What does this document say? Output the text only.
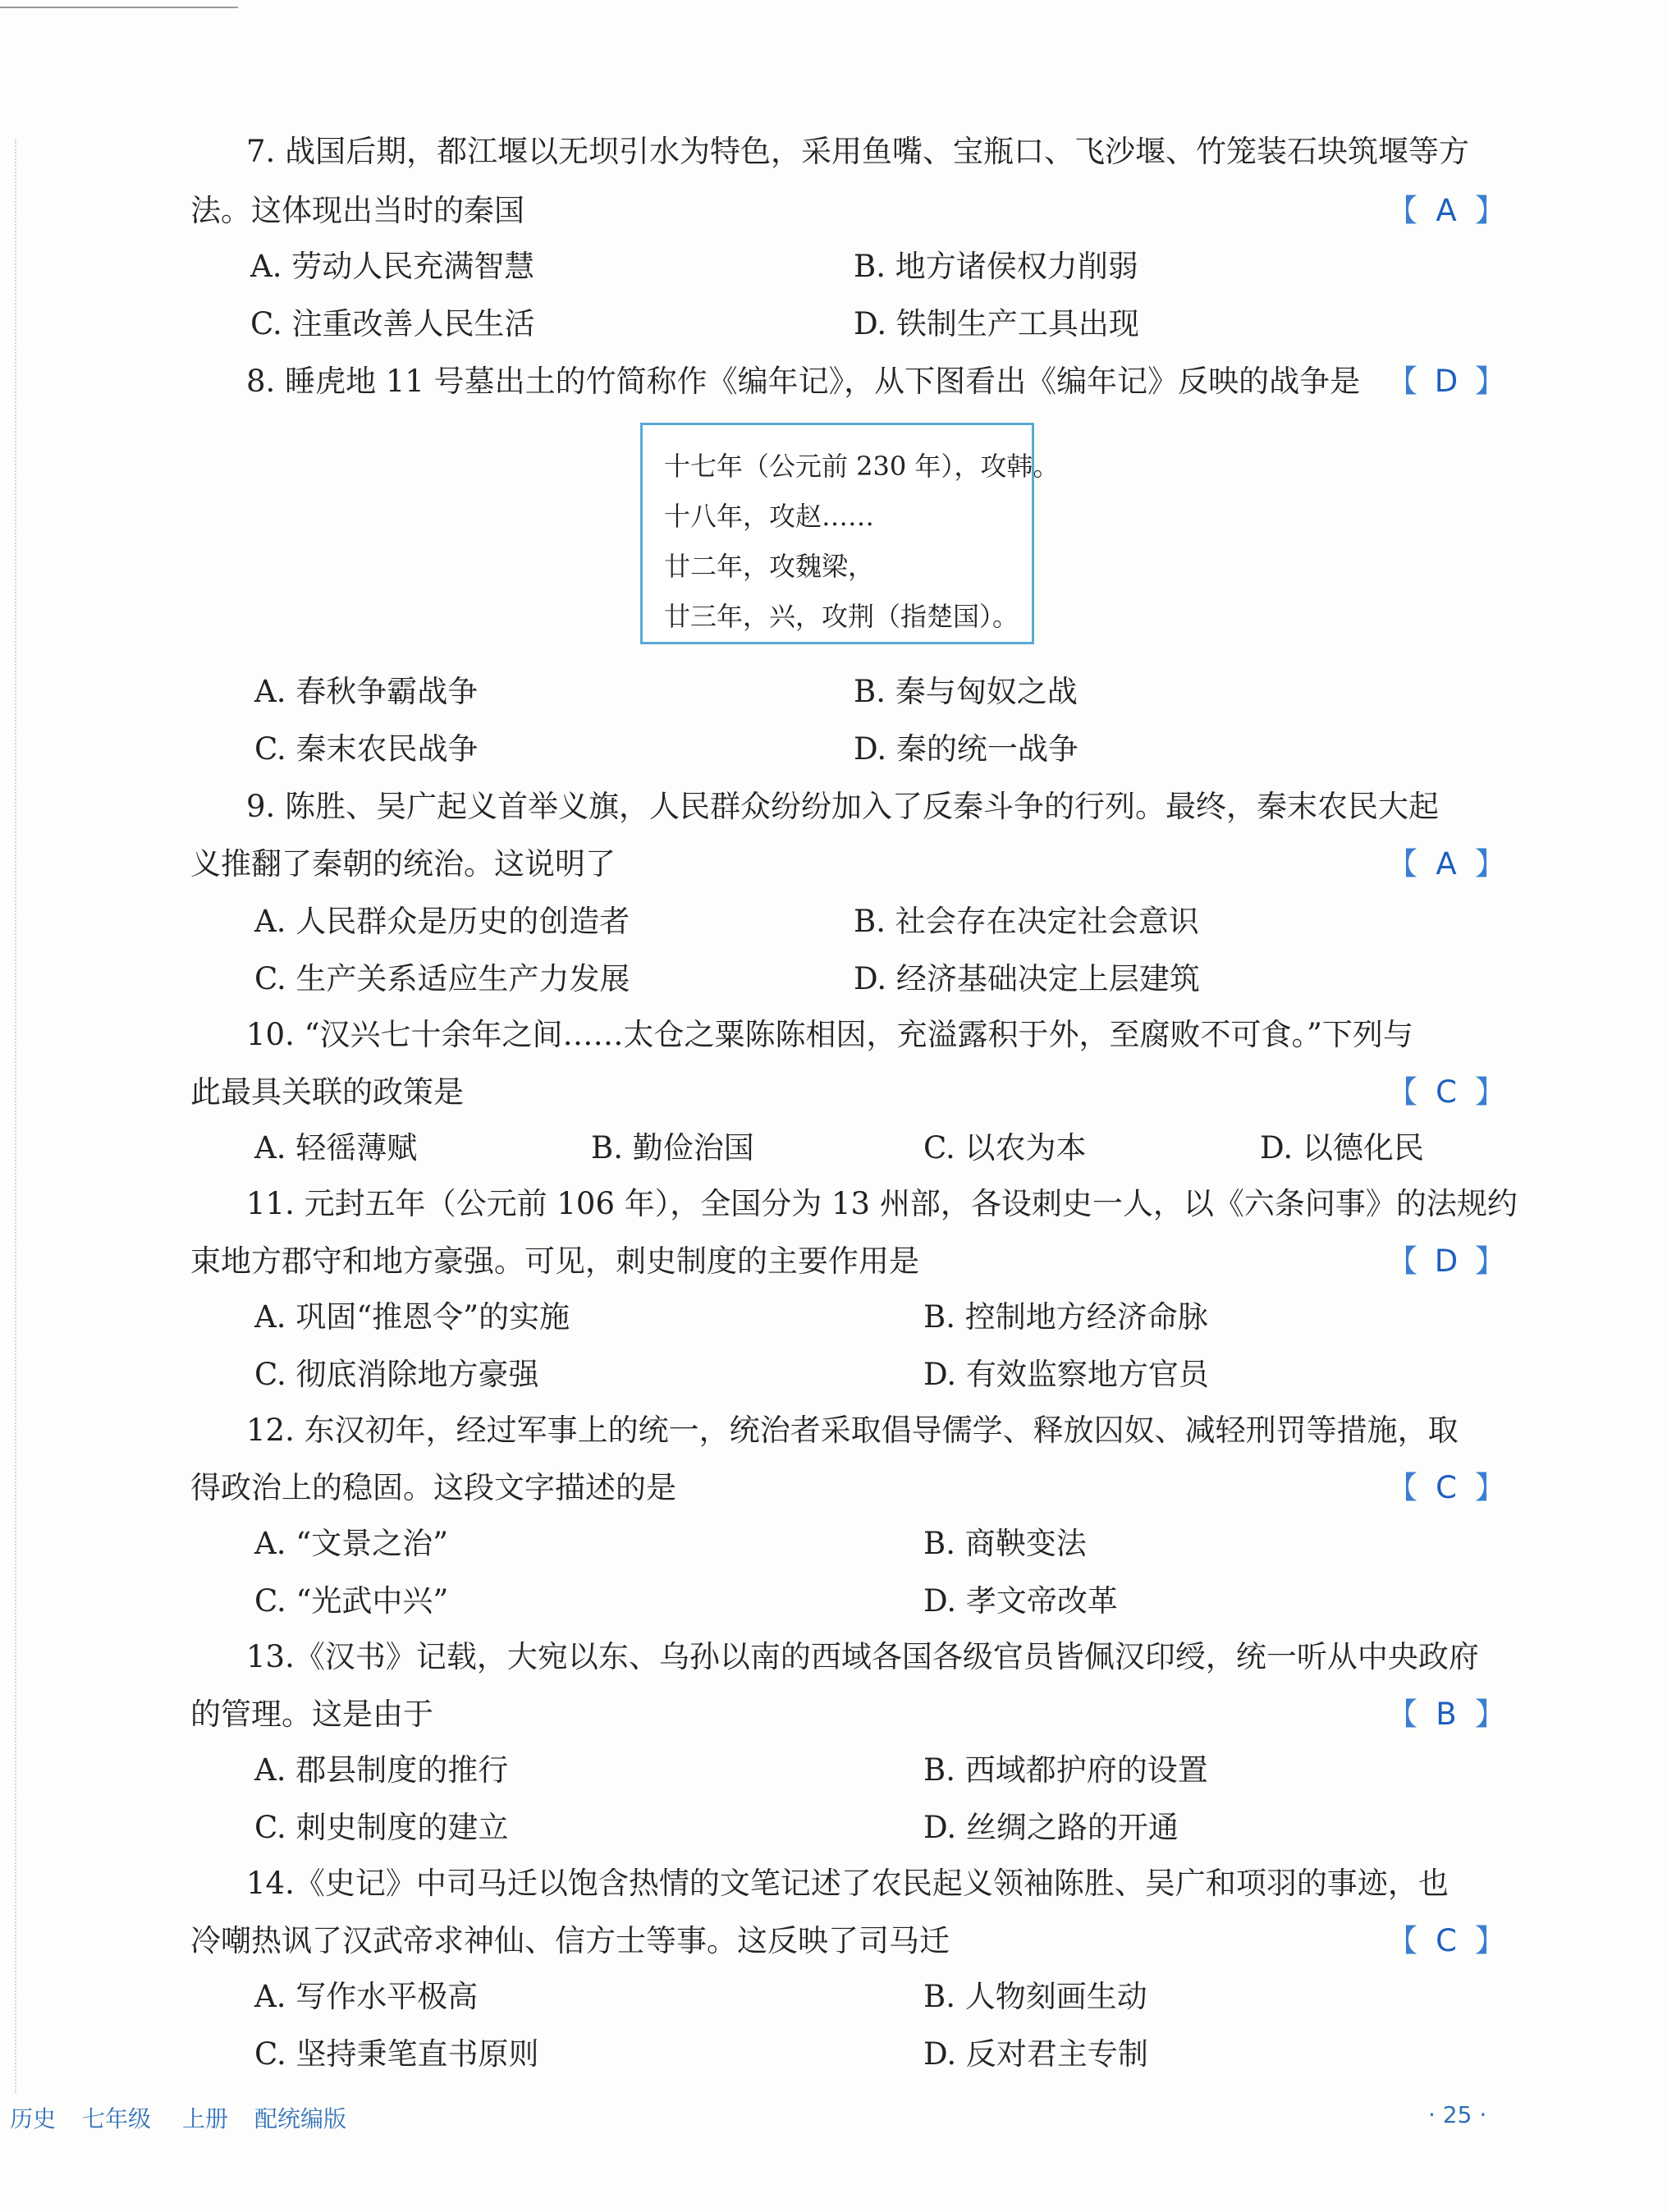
7. 战国后期，都江堰以无坝引水为特色，采用鱼嘴、宝瓶口、飞沙堰、竹笼装石块筑堰等方
法。这体现出当时的秦国	【 A 】
A. 劳动人民充满智慧	B. 地方诸侯权力削弱
C. 注重改善人民生活	D. 铁制生产工具出现
8. 睡虎地 11 号墓出土的竹简称作《编年记》，从下图看出《编年记》反映的战争是 【 D 】
十七年（公元前 230 年），攻韩。
十八年，攻赵……
廿二年，攻魏梁，
廿三年，兴，攻荆（指楚国）。
A. 春秋争霸战争	B. 秦与匈奴之战
C. 秦末农民战争	D. 秦的统一战争
9. 陈胜、吴广起义首举义旗，人民群众纷纷加入了反秦斗争的行列。最终，秦末农民大起
义推翻了秦朝的统治。这说明了	【 A 】
A. 人民群众是历史的创造者	B. 社会存在决定社会意识
C. 生产关系适应生产力发展	D. 经济基础决定上层建筑
10. “汉兴七十余年之间……太仓之粟陈陈相因，充溢露积于外，至腐败不可食。”下列与
此最具关联的政策是	【 C 】
A. 轻徭薄赋	B. 勤俭治国	C. 以农为本	D. 以德化民
11. 元封五年（公元前 106 年），全国分为 13 州部，各设刺史一人，以《六条问事》的法规约
束地方郡守和地方豪强。可见，刺史制度的主要作用是	【 D 】
A. 巩固“推恩令”的实施	B. 控制地方经济命脉
C. 彻底消除地方豪强	D. 有效监察地方官员
12. 东汉初年，经过军事上的统一，统治者采取倡导儒学、释放囚奴、减轻刑罚等措施，取
得政治上的稳固。这段文字描述的是	【 C 】
A. “文景之治”	B. 商鞅变法
C. “光武中兴”	D. 孝文帝改革
13.《汉书》记载，大宛以东、乌孙以南的西域各国各级官员皆佩汉印绶，统一听从中央政府
的管理。这是由于	【 B 】
A. 郡县制度的推行	B. 西域都护府的设置
C. 刺史制度的建立	D. 丝绸之路的开通
14.《史记》中司马迁以饱含热情的文笔记述了农民起义领袖陈胜、吴广和项羽的事迹，也
冷嘲热讽了汉武帝求神仙、信方士等事。这反映了司马迁	【 C 】
A. 写作水平极高	B. 人物刻画生动
C. 坚持秉笔直书原则	D. 反对君主专制
历史 七年级 上册 配统编版	· 25 ·
